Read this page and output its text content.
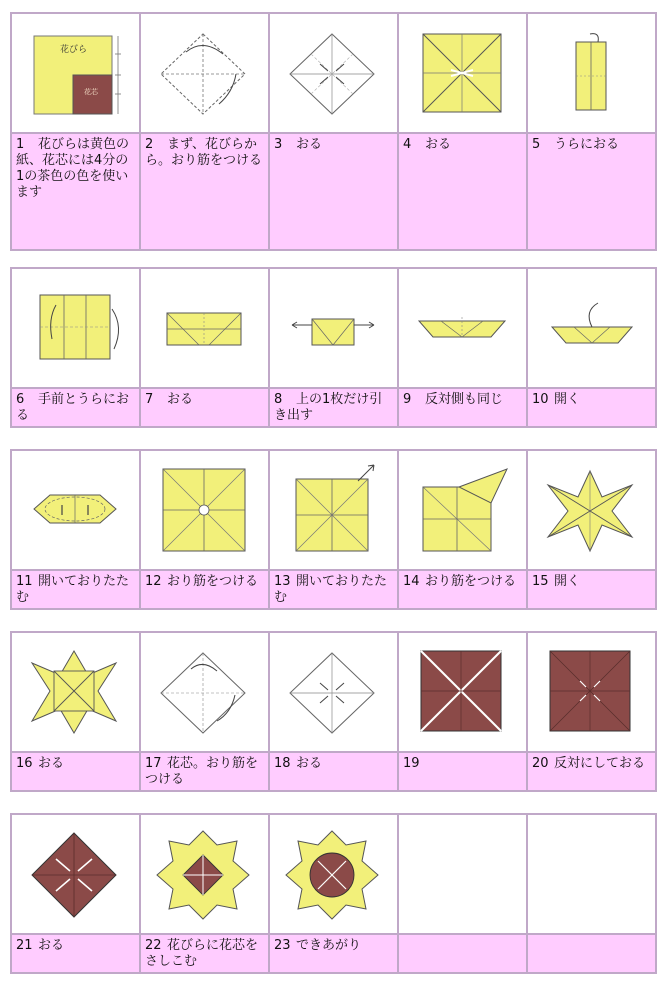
花びら
花芯

1 花びらは黄色の紙、花芯には4分の1の茶色の色を使います	2 まず、花びらから。おり筋をつける	3 おる	4 おる	5 うらにおる

6 手前とうらにおる	7 おる	8 上の1枚だけ引き出す	9 反対側も同じ	10 開く

11 開いておりたたむ	12 おり筋をつける	13 開いておりたたむ	14 おり筋をつける	15 開く

16 おる	17 花芯。おり筋をつける	18 おる	19	20 反対にしておる

21 おる	22 花びらに花芯をさしこむ	23 できあがり		
